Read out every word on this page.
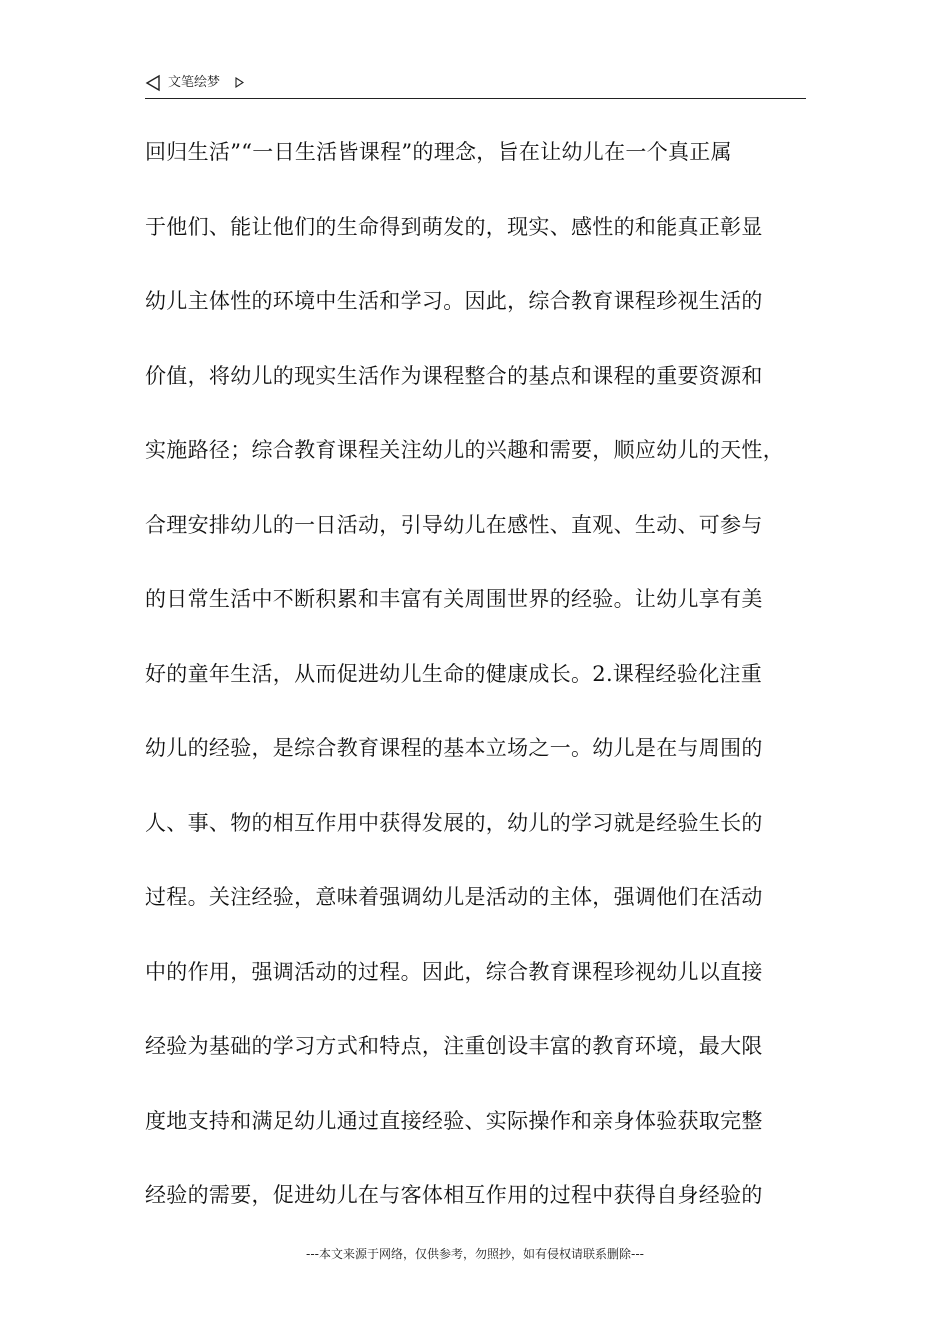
文笔绘梦
回归生活”“一日生活皆课程”的理念，旨在让幼儿在一个真正属
于他们、能让他们的生命得到萌发的，现实、感性的和能真正彰显
幼儿主体性的环境中生活和学习。因此，综合教育课程珍视生活的
价值，将幼儿的现实生活作为课程整合的基点和课程的重要资源和
实施路径；综合教育课程关注幼儿的兴趣和需要，顺应幼儿的天性，
合理安排幼儿的一日活动，引导幼儿在感性、直观、生动、可参与
的日常生活中不断积累和丰富有关周围世界的经验。让幼儿享有美
好的童年生活，从而促进幼儿生命的健康成长。2.课程经验化注重
幼儿的经验，是综合教育课程的基本立场之一。幼儿是在与周围的
人、事、物的相互作用中获得发展的，幼儿的学习就是经验生长的
过程。关注经验，意味着强调幼儿是活动的主体，强调他们在活动
中的作用，强调活动的过程。因此，综合教育课程珍视幼儿以直接
经验为基础的学习方式和特点，注重创设丰富的教育环境，最大限
度地支持和满足幼儿通过直接经验、实际操作和亲身体验获取完整
经验的需要，促进幼儿在与客体相互作用的过程中获得自身经验的
---本文来源于网络，仅供参考，勿照抄，如有侵权请联系删除---
